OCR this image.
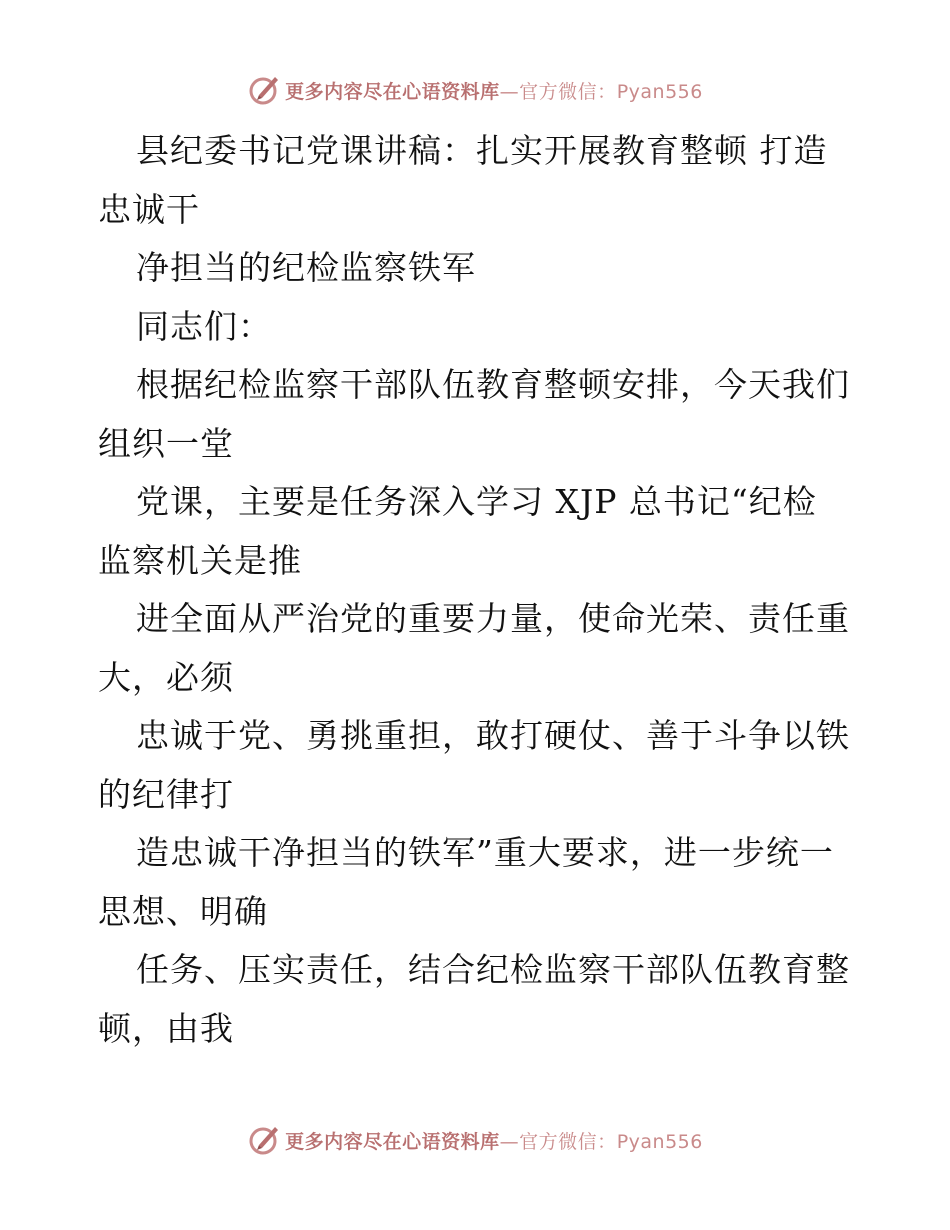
更多内容尽在心语资料库—官方微信：Pyan556
县纪委书记党课讲稿：扎实开展教育整顿 打造
忠诚干
净担当的纪检监察铁军
同志们：
根据纪检监察干部队伍教育整顿安排，今天我们
组织一堂
党课，主要是任务深入学习 XJP 总书记“纪检
监察机关是推
进全面从严治党的重要力量，使命光荣、责任重
大，必须
忠诚于党、勇挑重担，敢打硬仗、善于斗争以铁
的纪律打
造忠诚干净担当的铁军”重大要求，进一步统一
思想、明确
任务、压实责任，结合纪检监察干部队伍教育整
顿，由我
更多内容尽在心语资料库—官方微信：Pyan556
